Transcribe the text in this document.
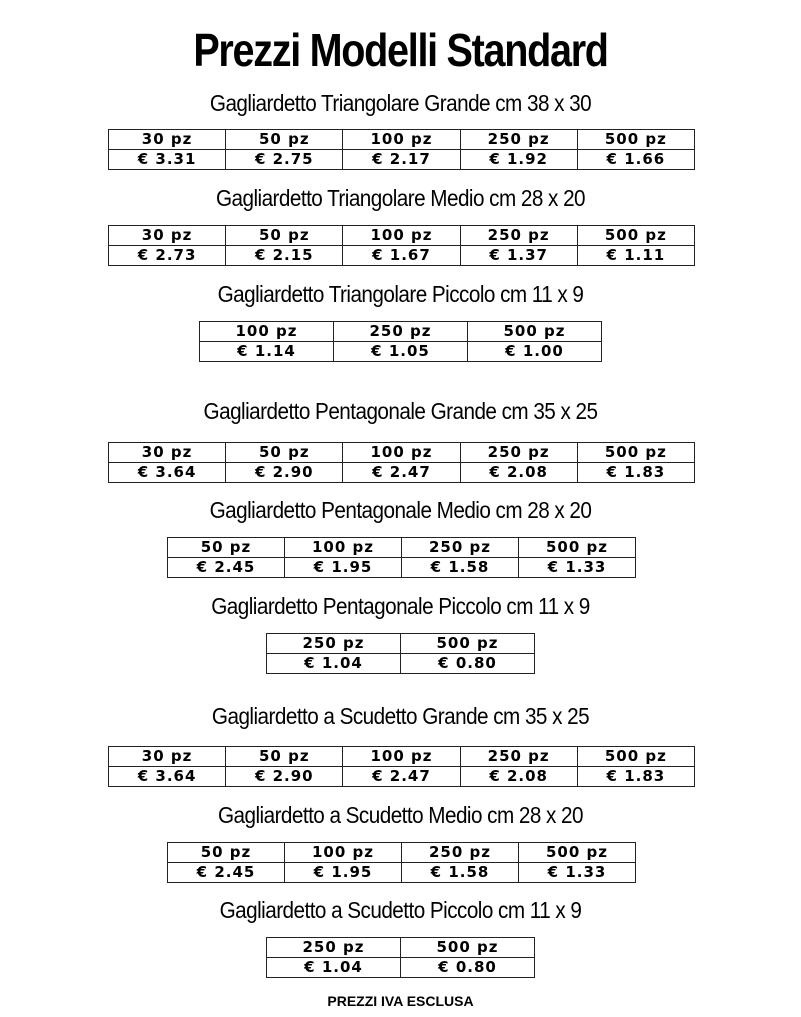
Prezzi Modelli Standard
Gagliardetto Triangolare Grande cm 38 x 30
30 pz	50 pz	100 pz	250 pz	500 pz
€ 3.31	€ 2.75	€ 2.17	€ 1.92	€ 1.66
Gagliardetto Triangolare Medio cm 28 x 20
30 pz	50 pz	100 pz	250 pz	500 pz
€ 2.73	€ 2.15	€ 1.67	€ 1.37	€ 1.11
Gagliardetto Triangolare Piccolo cm 11 x 9
100 pz	250 pz	500 pz
€ 1.14	€ 1.05	€ 1.00
Gagliardetto Pentagonale Grande cm 35 x 25
30 pz	50 pz	100 pz	250 pz	500 pz
€ 3.64	€ 2.90	€ 2.47	€ 2.08	€ 1.83
Gagliardetto Pentagonale Medio cm 28 x 20
50 pz	100 pz	250 pz	500 pz
€ 2.45	€ 1.95	€ 1.58	€ 1.33
Gagliardetto Pentagonale Piccolo cm 11 x 9
250 pz	500 pz
€ 1.04	€ 0.80
Gagliardetto a Scudetto Grande cm 35 x 25
30 pz	50 pz	100 pz	250 pz	500 pz
€ 3.64	€ 2.90	€ 2.47	€ 2.08	€ 1.83
Gagliardetto a Scudetto Medio cm 28 x 20
50 pz	100 pz	250 pz	500 pz
€ 2.45	€ 1.95	€ 1.58	€ 1.33
Gagliardetto a Scudetto Piccolo cm 11 x 9
250 pz	500 pz
€ 1.04	€ 0.80
PREZZI IVA ESCLUSA
